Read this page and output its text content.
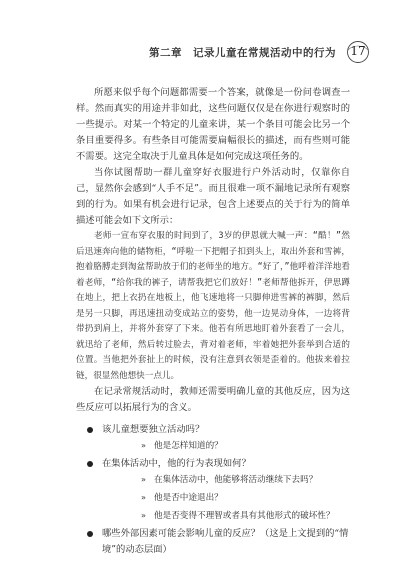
第二章　记录儿童在常规活动中的行为	17

所愿来似乎每个问题都需要一个答案，就像是一份问卷调查一样。然而真实的用途并非如此，这些问题仅仅是在你进行观察时的一些提示。对某一个特定的儿童来讲，某一个条目可能会比另一个条目重要得多。有些条目可能需要扁幅很长的描述，而有些则可能不需要。这完全取决于儿童具体是如何完成这项任务的。

当你试图帮助一群儿童穿好衣服进行户外活动时，仅靠你自己，显然你会感到“人手不足”。而且很难一项不漏地记录所有观察到的行为。如果有机会进行记录，包含上述要点的关于行为的简单描述可能会如下文所示：

老师一宣布穿衣服的时间到了，3岁的伊恩就大喊一声：“酷！”然后迅速奔向他的储物柜，“呼啦一下把帽子扣到头上，取出外套和雪裤，抱着胳膊走到淘盆帮助放于们的老师坐的地方。“好了，”他呼着洋洋地看着老师，“给你我的裤子，请帮我把它们放好！”老师帮他拆开，伊思蹲在地上，把上衣扔在地板上，他飞速地将一只脚伸进雪裤的裤脚，然后是另一只脚，再迅速扭动变成站立的姿势，他一边晃动身体，一边将背带扔到肩上，并将外套穿了下来。他若有所思地盯着外套看了一会儿，就迅给了老师，然后转过脸去，背对着老师，牢着她把外套举到合适的位置。当他把外套扯上的时候，没有注意到衣领是歪着的。他拔来着拉链，很显然他想快一点儿。

在记录常规活动时，教师还需要明确儿童的其他反应，因为这些反应可以拓展行为的含义。

该儿童想要独立活动吗？
» 他是怎样知道的？
在集体活动中，他的行为表现如何？
» 在集体活动中，他能够将活动继续下去吗？
» 他是否中途退出？
» 他是否变得不理智或者具有其他形式的破坏性？
哪些外部因素可能会影响儿童的反应？（这是上文提到的“情境”的动态层面）
